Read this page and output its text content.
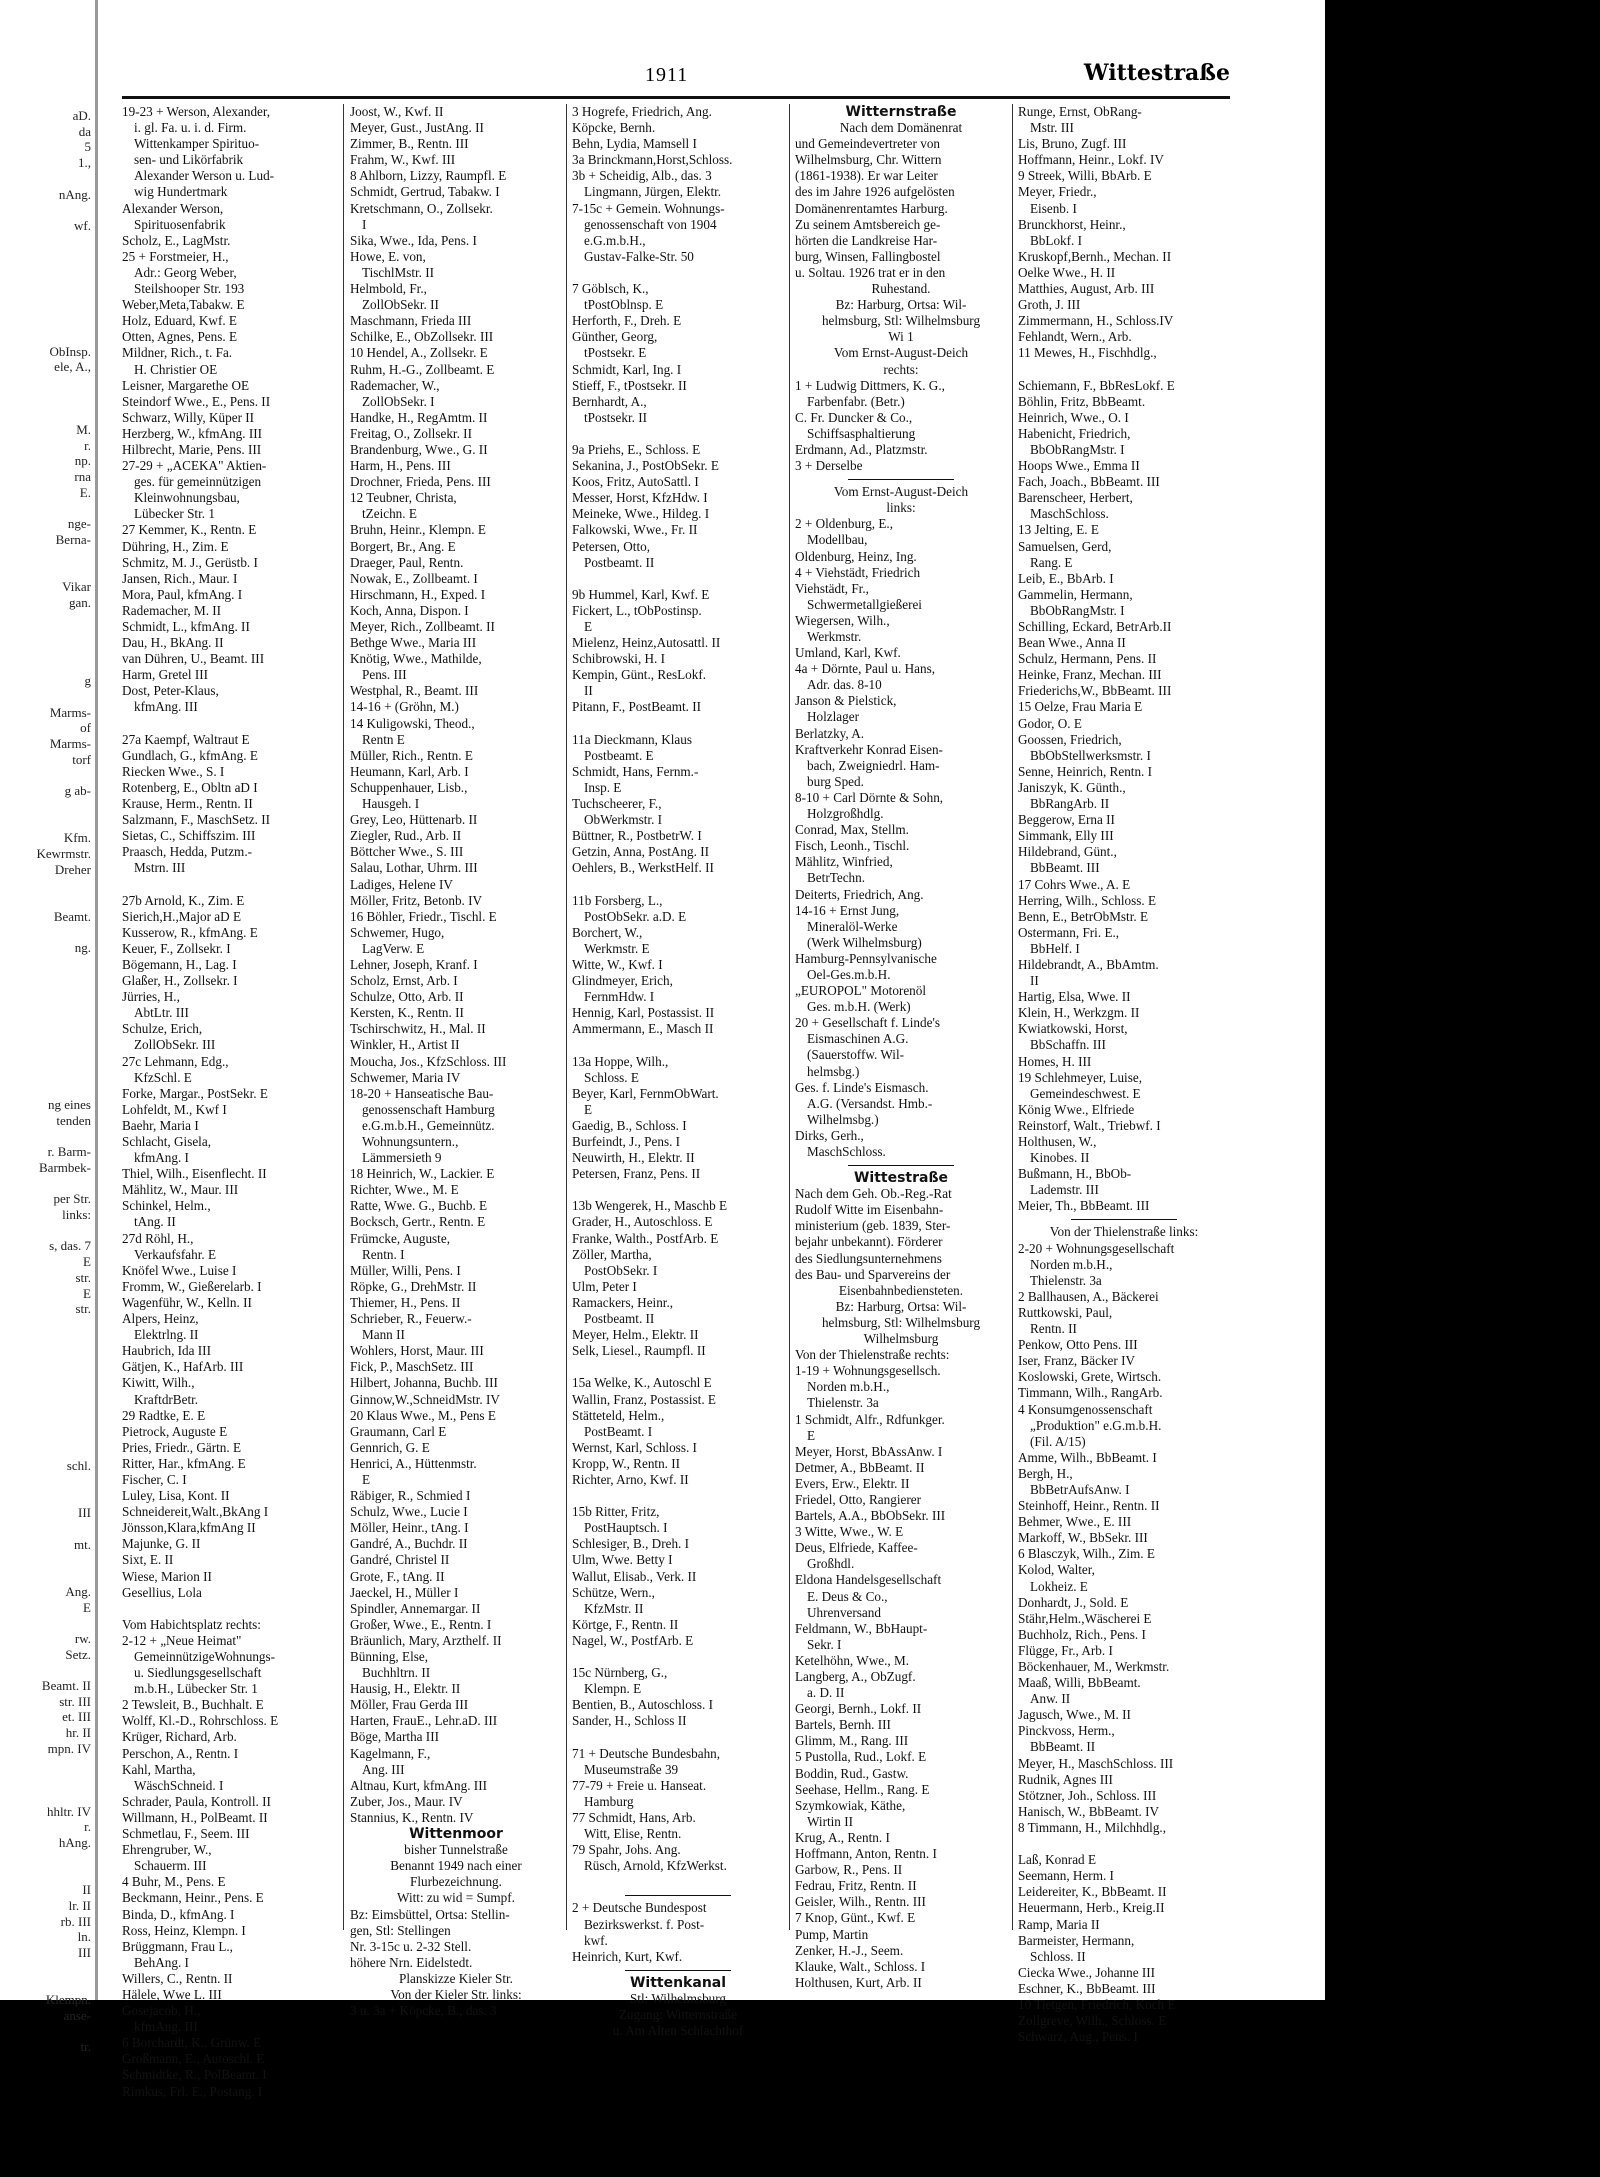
aD.
da
5
1.,
nAng.
wf.
ObInsp.
ele, A.,
M.
r.
np.
rna
E.
nge-
Berna-
Vikar
gan.
g
Marms-
of
Marms-
torf
g ab-
Kfm.
Kewrmstr.
Dreher
Beamt.
ng.
ng eines
tenden
r. Barm-
Barmbek-
per Str.
links:
s, das. 7
E
str.
E
str.
schl.
III
mt.
Ang.
E
rw.
Setz.
Beamt. II
str. III
et. III
hr. II
mpn. IV
hhltr. IV
r.
hAng.
II
lr. II
rb. III
ln.
III
Klempn.
anse-
tr.
1911	Wittestraße
19-23 + Werson, Alexander,
i. gl. Fa. u. i. d. Firm.
Wittenkamper Spirituo-
sen- und Likörfabrik
Alexander Werson u. Lud-
wig Hundertmark
Alexander Werson,
Spirituosenfabrik
Scholz, E., LagMstr.
25 + Forstmeier, H.,
Adr.: Georg Weber,
Steilshooper Str. 193
Weber,Meta,Tabakw. E
Holz, Eduard, Kwf. E
Otten, Agnes, Pens. E
Mildner, Rich., t. Fa.
H. Christier OE
Leisner, Margarethe OE
Steindorf Wwe., E., Pens. II
Schwarz, Willy, Küper II
Herzberg, W., kfmAng. III
Hilbrecht, Marie, Pens. III
27-29 + „ACEKA" Aktien-
ges. für gemeinnützigen
Kleinwohnungsbau,
Lübecker Str. 1
27 Kemmer, K., Rentn. E
Dühring, H., Zim. E
Schmitz, M. J., Gerüstb. I
Jansen, Rich., Maur. I
Mora, Paul, kfmAng. I
Rademacher, M. II
Schmidt, L., kfmAng. II
Dau, H., BkAng. II
van Dühren, U., Beamt. III
Harm, Gretel III
Dost, Peter-Klaus,
kfmAng. III
27a Kaempf, Waltraut E
Gundlach, G., kfmAng. E
Riecken Wwe., S. I
Rotenberg, E., Obltn aD I
Krause, Herm., Rentn. II
Salzmann, F., MaschSetz. II
Sietas, C., Schiffszim. III
Praasch, Hedda, Putzm.-
Mstrn. III
27b Arnold, K., Zim. E
Sierich,H.,Major aD E
Kusserow, R., kfmAng. E
Keuer, F., Zollsekr. I
Bögemann, H., Lag. I
Glaßer, H., Zollsekr. I
Jürries, H.,
AbtLtr. III
Schulze, Erich,
ZollObSekr. III
27c Lehmann, Edg.,
KfzSchl. E
Forke, Margar., PostSekr. E
Lohfeldt, M., Kwf I
Baehr, Maria I
Schlacht, Gisela,
kfmAng. I
Thiel, Wilh., Eisenflecht. II
Mählitz, W., Maur. III
Schinkel, Helm.,
tAng. II
27d Röhl, H.,
Verkaufsfahr. E
Knöfel Wwe., Luise I
Fromm, W., Gießerelarb. I
Wagenführ, W., Kelln. II
Alpers, Heinz,
Elektrlng. II
Haubrich, Ida III
Gätjen, K., HafArb. III
Kiwitt, Wilh.,
KraftdrBetr.
29 Radtke, E. E
Pietrock, Auguste E
Pries, Friedr., Gärtn. E
Ritter, Har., kfmAng. E
Fischer, C. I
Luley, Lisa, Kont. II
Schneidereit,Walt.,BkAng I
Jönsson,Klara,kfmAng II
Majunke, G. II
Sixt, E. II
Wiese, Marion II
Gesellius, Lola
Vom Habichtsplatz rechts:
2-12 + „Neue Heimat"
GemeinnützigeWohnungs-
u. Siedlungsgesellschaft
m.b.H., Lübecker Str. 1
2 Tewsleit, B., Buchhalt. E
Wolff, Kl.-D., Rohrschloss. E
Krüger, Richard, Arb.
Perschon, A., Rentn. I
Kahl, Martha,
WäschSchneid. I
Schrader, Paula, Kontroll. II
Willmann, H., PolBeamt. II
Schmetlau, F., Seem. III
Ehrengruber, W.,
Schauerm. III
4 Buhr, M., Pens. E
Beckmann, Heinr., Pens. E
Binda, D., kfmAng. I
Ross, Heinz, Klempn. I
Brüggmann, Frau L.,
BehAng. I
Willers, C., Rentn. II
Hälele, Wwe L. III
Gosejacob, H.,
kfmAng. III
6 Borchardt, K., Grünw. E
Großmann, E., Autoschl. E
Schmidtke, R., PolBeamt. I
Rimkus, Frl. E., Postang. I
Joost, W., Kwf. II
Meyer, Gust., JustAng. II
Zimmer, B., Rentn. III
Frahm, W., Kwf. III
8 Ahlborn, Lizzy, Raumpfl. E
Schmidt, Gertrud, Tabakw. I
Kretschmann, O., Zollsekr.
I
Sika, Wwe., Ida, Pens. I
Howe, E. von,
TischlMstr. II
Helmbold, Fr.,
ZollObSekr. II
Maschmann, Frieda III
Schilke, E., ObZollsekr. III
10 Hendel, A., Zollsekr. E
Ruhm, H.-G., Zollbeamt. E
Rademacher, W.,
ZollObSekr. I
Handke, H., RegAmtm. II
Freitag, O., Zollsekr. II
Brandenburg, Wwe., G. II
Harm, H., Pens. III
Drochner, Frieda, Pens. III
12 Teubner, Christa,
tZeichn. E
Bruhn, Heinr., Klempn. E
Borgert, Br., Ang. E
Draeger, Paul, Rentn.
Nowak, E., Zollbeamt. I
Hirschmann, H., Exped. I
Koch, Anna, Dispon. I
Meyer, Rich., Zollbeamt. II
Bethge Wwe., Maria III
Knötig, Wwe., Mathilde,
Pens. III
Westphal, R., Beamt. III
14-16 + (Gröhn, M.)
14 Kuligowski, Theod.,
Rentn E
Müller, Rich., Rentn. E
Heumann, Karl, Arb. I
Schuppenhauer, Lisb.,
Hausgeh. I
Grey, Leo, Hüttenarb. II
Ziegler, Rud., Arb. II
Böttcher Wwe., S. III
Salau, Lothar, Uhrm. III
Ladiges, Helene IV
Möller, Fritz, Betonb. IV
16 Böhler, Friedr., Tischl. E
Schwemer, Hugo,
LagVerw. E
Lehner, Joseph, Kranf. I
Scholz, Ernst, Arb. I
Schulze, Otto, Arb. II
Kersten, K., Rentn. II
Tschirschwitz, H., Mal. II
Winkler, H., Artist II
Moucha, Jos., KfzSchloss. III
Schwemer, Maria IV
18-20 + Hanseatische Bau-
genossenschaft Hamburg
e.G.m.b.H., Gemeinnütz.
Wohnungsuntern.,
Lämmersieth 9
18 Heinrich, W., Lackier. E
Richter, Wwe., M. E
Ratte, Wwe. G., Buchb. E
Bocksch, Gertr., Rentn. E
Frümcke, Auguste,
Rentn. I
Müller, Willi, Pens. I
Röpke, G., DrehMstr. II
Thiemer, H., Pens. II
Schrieber, R., Feuerw.-
Mann II
Wohlers, Horst, Maur. III
Fick, P., MaschSetz. III
Hilbert, Johanna, Buchb. III
Ginnow,W.,SchneidMstr. IV
20 Klaus Wwe., M., Pens E
Graumann, Carl E
Gennrich, G. E
Henrici, A., Hüttenmstr.
E
Räbiger, R., Schmied I
Schulz, Wwe., Lucie I
Möller, Heinr., tAng. I
Gandré, A., Buchdr. II
Gandré, Christel II
Grote, F., tAng. II
Jaeckel, H., Müller I
Spindler, Annemargar. II
Großer, Wwe., E., Rentn. I
Bräunlich, Mary, Arzthelf. II
Bünning, Else,
Buchhltrn. II
Hausig, H., Elektr. II
Möller, Frau Gerda III
Harten, FrauE., Lehr.aD. III
Böge, Martha III
Kagelmann, F.,
Ang. III
Altnau, Kurt, kfmAng. III
Zuber, Jos., Maur. IV
Stannius, K., Rentn. IV
Wittenmoor
bisher Tunnelstraße
Benannt 1949 nach einer
Flurbezeichnung.
Witt: zu wid = Sumpf.
Bz: Eimsbüttel, Ortsa: Stellin-
gen, Stl: Stellingen
Nr. 3-15c u. 2-32 Stell.
höhere Nrn. Eidelstedt.
Planskizze Kieler Str.
Von der Kieler Str. links:
3 u. 3a + Köpcke, B., das. 3
3 Hogrefe, Friedrich, Ang.
Köpcke, Bernh.
Behn, Lydia, Mamsell I
3a Brinckmann,Horst,Schloss.
3b + Scheidig, Alb., das. 3
Lingmann, Jürgen, Elektr.
7-15c + Gemein. Wohnungs-
genossenschaft von 1904
e.G.m.b.H.,
Gustav-Falke-Str. 50
7 Göblsch, K.,
tPostOblnsp. E
Herforth, F., Dreh. E
Günther, Georg,
tPostsekr. E
Schmidt, Karl, Ing. I
Stieff, F., tPostsekr. II
Bernhardt, A.,
tPostsekr. II
9a Priehs, E., Schloss. E
Sekanina, J., PostObSekr. E
Koos, Fritz, AutoSattl. I
Messer, Horst, KfzHdw. I
Meineke, Wwe., Hildeg. I
Falkowski, Wwe., Fr. II
Petersen, Otto,
Postbeamt. II
9b Hummel, Karl, Kwf. E
Fickert, L., tObPostinsp.
E
Mielenz, Heinz,Autosattl. II
Schibrowski, H. I
Kempin, Günt., ResLokf.
II
Pitann, F., PostBeamt. II
11a Dieckmann, Klaus
Postbeamt. E
Schmidt, Hans, Fernm.-
Insp. E
Tuchscheerer, F.,
ObWerkmstr. I
Büttner, R., PostbetrW. I
Getzin, Anna, PostAng. II
Oehlers, B., WerkstHelf. II
11b Forsberg, L.,
PostObSekr. a.D. E
Borchert, W.,
Werkmstr. E
Witte, W., Kwf. I
Glindmeyer, Erich,
FernmHdw. I
Hennig, Karl, Postassist. II
Ammermann, E., Masch II
13a Hoppe, Wilh.,
Schloss. E
Beyer, Karl, FernmObWart.
E
Gaedig, B., Schloss. I
Burfeindt, J., Pens. I
Neuwirth, H., Elektr. II
Petersen, Franz, Pens. II
13b Wengerek, H., Maschb E
Grader, H., Autoschloss. E
Franke, Walth., PostfArb. E
Zöller, Martha,
PostObSekr. I
Ulm, Peter I
Ramackers, Heinr.,
Postbeamt. II
Meyer, Helm., Elektr. II
Selk, Liesel., Raumpfl. II
15a Welke, K., Autoschl E
Wallin, Franz, Postassist. E
Stätteteld, Helm.,
PostBeamt. I
Wernst, Karl, Schloss. I
Kropp, W., Rentn. II
Richter, Arno, Kwf. II
15b Ritter, Fritz,
PostHauptsch. I
Schlesiger, B., Dreh. I
Ulm, Wwe. Betty I
Wallut, Elisab., Verk. II
Schütze, Wern.,
KfzMstr. II
Körtge, F., Rentn. II
Nagel, W., PostfArb. E
15c Nürnberg, G.,
Klempn. E
Bentien, B., Autoschloss. I
Sander, H., Schloss II
71 + Deutsche Bundesbahn,
Museumstraße 39
77-79 + Freie u. Hanseat.
Hamburg
77 Schmidt, Hans, Arb.
Witt, Elise, Rentn.
79 Spahr, Johs. Ang.
Rüsch, Arnold, KfzWerkst.
2 + Deutsche Bundespost
Bezirkswerkst. f. Post-
kwf.
Heinrich, Kurt, Kwf.
Wittenkanal
Stl: Wilhelmsburg
Zugang: Witternstraße
u. Am Alten Schlachthof
Witternstraße
Nach dem Domänenrat
und Gemeindevertreter von
Wilhelmsburg, Chr. Wittern
(1861-1938). Er war Leiter
des im Jahre 1926 aufgelösten
Domänenrentamtes Harburg.
Zu seinem Amtsbereich ge-
hörten die Landkreise Har-
burg, Winsen, Fallingbostel
u. Soltau. 1926 trat er in den
Ruhestand.
Bz: Harburg, Ortsa: Wil-
helmsburg, Stl: Wilhelmsburg
Wi 1
Vom Ernst-August-Deich
rechts:
1 + Ludwig Dittmers, K. G.,
Farbenfabr. (Betr.)
C. Fr. Duncker & Co.,
Schiffsasphaltierung
Erdmann, Ad., Platzmstr.
3 + Derselbe
Vom Ernst-August-Deich
links:
2 + Oldenburg, E.,
Modellbau,
Oldenburg, Heinz, Ing.
4 + Viehstädt, Friedrich
Viehstädt, Fr.,
Schwermetallgießerei
Wiegersen, Wilh.,
Werkmstr.
Umland, Karl, Kwf.
4a + Dörnte, Paul u. Hans,
Adr. das. 8-10
Janson & Pielstick,
Holzlager
Berlatzky, A.
Kraftverkehr Konrad Eisen-
bach, Zweigniedrl. Ham-
burg Sped.
8-10 + Carl Dörnte & Sohn,
Holzgroßhdlg.
Conrad, Max, Stellm.
Fisch, Leonh., Tischl.
Mählitz, Winfried,
BetrTechn.
Deiterts, Friedrich, Ang.
14-16 + Ernst Jung,
Mineralöl-Werke
(Werk Wilhelmsburg)
Hamburg-Pennsylvanische
Oel-Ges.m.b.H.
„EUROPOL" Motorenöl
Ges. m.b.H. (Werk)
20 + Gesellschaft f. Linde's
Eismaschinen A.G.
(Sauerstoffw. Wil-
helmsbg.)
Ges. f. Linde's Eismasch.
A.G. (Versandst. Hmb.-
Wilhelmsbg.)
Dirks, Gerh.,
MaschSchloss.
Wittestraße
Nach dem Geh. Ob.-Reg.-Rat
Rudolf Witte im Eisenbahn-
ministerium (geb. 1839, Ster-
bejahr unbekannt). Förderer
des Siedlungsunternehmens
des Bau- und Sparvereins der
Eisenbahnbediensteten.
Bz: Harburg, Ortsa: Wil-
helmsburg, Stl: Wilhelmsburg
Wilhelmsburg
Von der Thielenstraße rechts:
1-19 + Wohnungsgesellsch.
Norden m.b.H.,
Thielenstr. 3a
1 Schmidt, Alfr., Rdfunkger.
E
Meyer, Horst, BbAssAnw. I
Detmer, A., BbBeamt. II
Evers, Erw., Elektr. II
Friedel, Otto, Rangierer
Bartels, A.A., BbObSekr. III
3 Witte, Wwe., W. E
Deus, Elfriede, Kaffee-
Großhdl.
Eldona Handelsgesellschaft
E. Deus & Co.,
Uhrenversand
Feldmann, W., BbHaupt-
Sekr. I
Ketelhöhn, Wwe., M.
Langberg, A., ObZugf.
a. D. II
Georgi, Bernh., Lokf. II
Bartels, Bernh. III
Glimm, M., Rang. III
5 Pustolla, Rud., Lokf. E
Boddin, Rud., Gastw.
Seehase, Hellm., Rang. E
Szymkowiak, Käthe,
Wirtin II
Krug, A., Rentn. I
Hoffmann, Anton, Rentn. I
Garbow, R., Pens. II
Fedrau, Fritz, Rentn. II
Geisler, Wilh., Rentn. III
7 Knop, Günt., Kwf. E
Pump, Martin
Zenker, H.-J., Seem.
Klauke, Walt., Schloss. I
Holthusen, Kurt, Arb. II
Runge, Ernst, ObRang-
Mstr. III
Lis, Bruno, Zugf. III
Hoffmann, Heinr., Lokf. IV
9 Streek, Willi, BbArb. E
Meyer, Friedr.,
Eisenb. I
Brunckhorst, Heinr.,
BbLokf. I
Kruskopf,Bernh., Mechan. II
Oelke Wwe., H. II
Matthies, August, Arb. III
Groth, J. III
Zimmermann, H., Schloss.IV
Fehlandt, Wern., Arb.
11 Mewes, H., Fischhdlg.,
Schiemann, F., BbResLokf. E
Böhlin, Fritz, BbBeamt.
Heinrich, Wwe., O. I
Habenicht, Friedrich,
BbObRangMstr. I
Hoops Wwe., Emma II
Fach, Joach., BbBeamt. III
Barenscheer, Herbert,
MaschSchloss.
13 Jelting, E. E
Samuelsen, Gerd,
Rang. E
Leib, E., BbArb. I
Gammelin, Hermann,
BbObRangMstr. I
Schilling, Eckard, BetrArb.II
Bean Wwe., Anna II
Schulz, Hermann, Pens. II
Heinke, Franz, Mechan. III
Friederichs,W., BbBeamt. III
15 Oelze, Frau Maria E
Godor, O. E
Goossen, Friedrich,
BbObStellwerksmstr. I
Senne, Heinrich, Rentn. I
Janiszyk, K. Günth.,
BbRangArb. II
Beggerow, Erna II
Simmank, Elly III
Hildebrand, Günt.,
BbBeamt. III
17 Cohrs Wwe., A. E
Herring, Wilh., Schloss. E
Benn, E., BetrObMstr. E
Ostermann, Fri. E.,
BbHelf. I
Hildebrandt, A., BbAmtm.
II
Hartig, Elsa, Wwe. II
Klein, H., Werkzgm. II
Kwiatkowski, Horst,
BbSchaffn. III
Homes, H. III
19 Schlehmeyer, Luise,
Gemeindeschwest. E
König Wwe., Elfriede
Reinstorf, Walt., Triebwf. I
Holthusen, W.,
Kinobes. II
Bußmann, H., BbOb-
Lademstr. III
Meier, Th., BbBeamt. III
Von der Thielenstraße links:
2-20 + Wohnungsgesellschaft
Norden m.b.H.,
Thielenstr. 3a
2 Ballhausen, A., Bäckerei
Ruttkowski, Paul,
Rentn. II
Penkow, Otto Pens. III
Iser, Franz, Bäcker IV
Koslowski, Grete, Wirtsch.
Timmann, Wilh., RangArb.
4 Konsumgenossenschaft
„Produktion" e.G.m.b.H.
(Fil. A/15)
Amme, Wilh., BbBeamt. I
Bergh, H.,
BbBetrAufsAnw. I
Steinhoff, Heinr., Rentn. II
Behmer, Wwe., E. III
Markoff, W., BbSekr. III
6 Blasczyk, Wilh., Zim. E
Kolod, Walter,
Lokheiz. E
Donhardt, J., Sold. E
Stähr,Helm.,Wäscherei E
Buchholz, Rich., Pens. I
Flügge, Fr., Arb. I
Böckenhauer, M., Werkmstr.
Maaß, Willi, BbBeamt.
Anw. II
Jagusch, Wwe., M. II
Pinckvoss, Herm.,
BbBeamt. II
Meyer, H., MaschSchloss. III
Rudnik, Agnes III
Stötzner, Joh., Schloss. III
Hanisch, W., BbBeamt. IV
8 Timmann, H., Milchhdlg.,
Laß, Konrad E
Seemann, Herm. I
Leidereiter, K., BbBeamt. II
Heuermann, Herb., Kreig.II
Ramp, Maria II
Barmeister, Hermann,
Schloss. II
Ciecka Wwe., Johanne III
Eschner, K., BbBeamt. III
10 Tietgen, Friedrich, Koch E
Zollgreve, Wilh., Schloss. E
Schwarz, Aug., Pens. I
